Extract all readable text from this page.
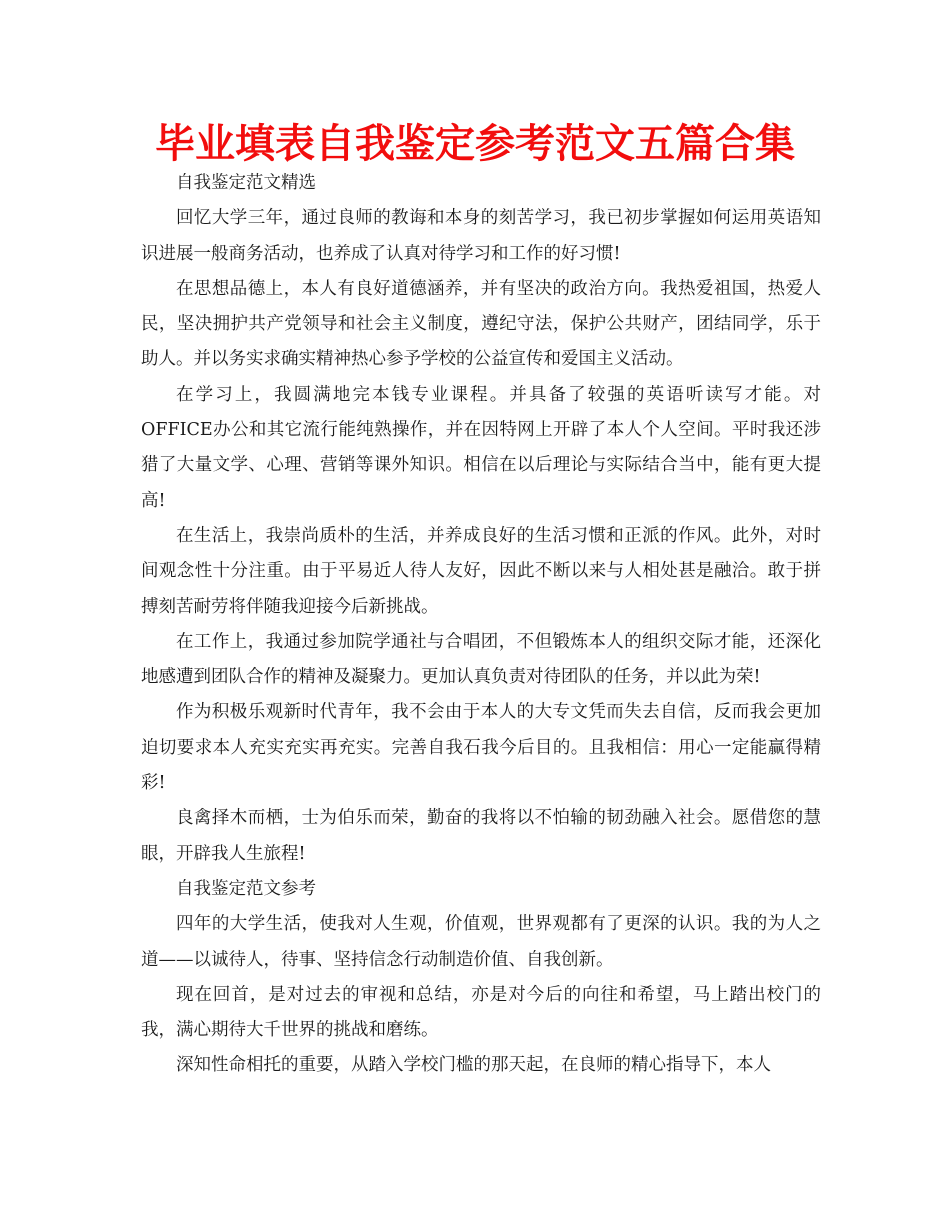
毕业填表自我鉴定参考范文五篇合集

自我鉴定范文精选

回忆大学三年，通过良师的教诲和本身的刻苦学习，我已初步掌握如何运用英语知识进展一般商务活动，也养成了认真对待学习和工作的好习惯!

在思想品德上，本人有良好道德涵养，并有坚决的政治方向。我热爱祖国，热爱人民，坚决拥护共产党领导和社会主义制度，遵纪守法，保护公共财产，团结同学，乐于助人。并以务实求确实精神热心参予学校的公益宣传和爱国主义活动。

在学习上，我圆满地完本钱专业课程。并具备了较强的英语听读写才能。对OFFICE办公和其它流行能纯熟操作，并在因特网上开辟了本人个人空间。平时我还涉猎了大量文学、心理、营销等课外知识。相信在以后理论与实际结合当中，能有更大提高!

在生活上，我崇尚质朴的生活，并养成良好的生活习惯和正派的作风。此外，对时间观念性十分注重。由于平易近人待人友好，因此不断以来与人相处甚是融洽。敢于拼搏刻苦耐劳将伴随我迎接今后新挑战。

在工作上，我通过参加院学通社与合唱团，不但锻炼本人的组织交际才能，还深化地感遭到团队合作的精神及凝聚力。更加认真负责对待团队的任务，并以此为荣!

作为积极乐观新时代青年，我不会由于本人的大专文凭而失去自信，反而我会更加迫切要求本人充实充实再充实。完善自我石我今后目的。且我相信：用心一定能赢得精彩!

良禽择木而栖，士为伯乐而荣，勤奋的我将以不怕输的韧劲融入社会。愿借您的慧眼，开辟我人生旅程!

自我鉴定范文参考

四年的大学生活，使我对人生观，价值观，世界观都有了更深的认识。我的为人之道——以诚待人，待事、坚持信念行动制造价值、自我创新。

现在回首，是对过去的审视和总结，亦是对今后的向往和希望，马上踏出校门的我，满心期待大千世界的挑战和磨练。

深知性命相托的重要，从踏入学校门槛的那天起，在良师的精心指导下，本人
